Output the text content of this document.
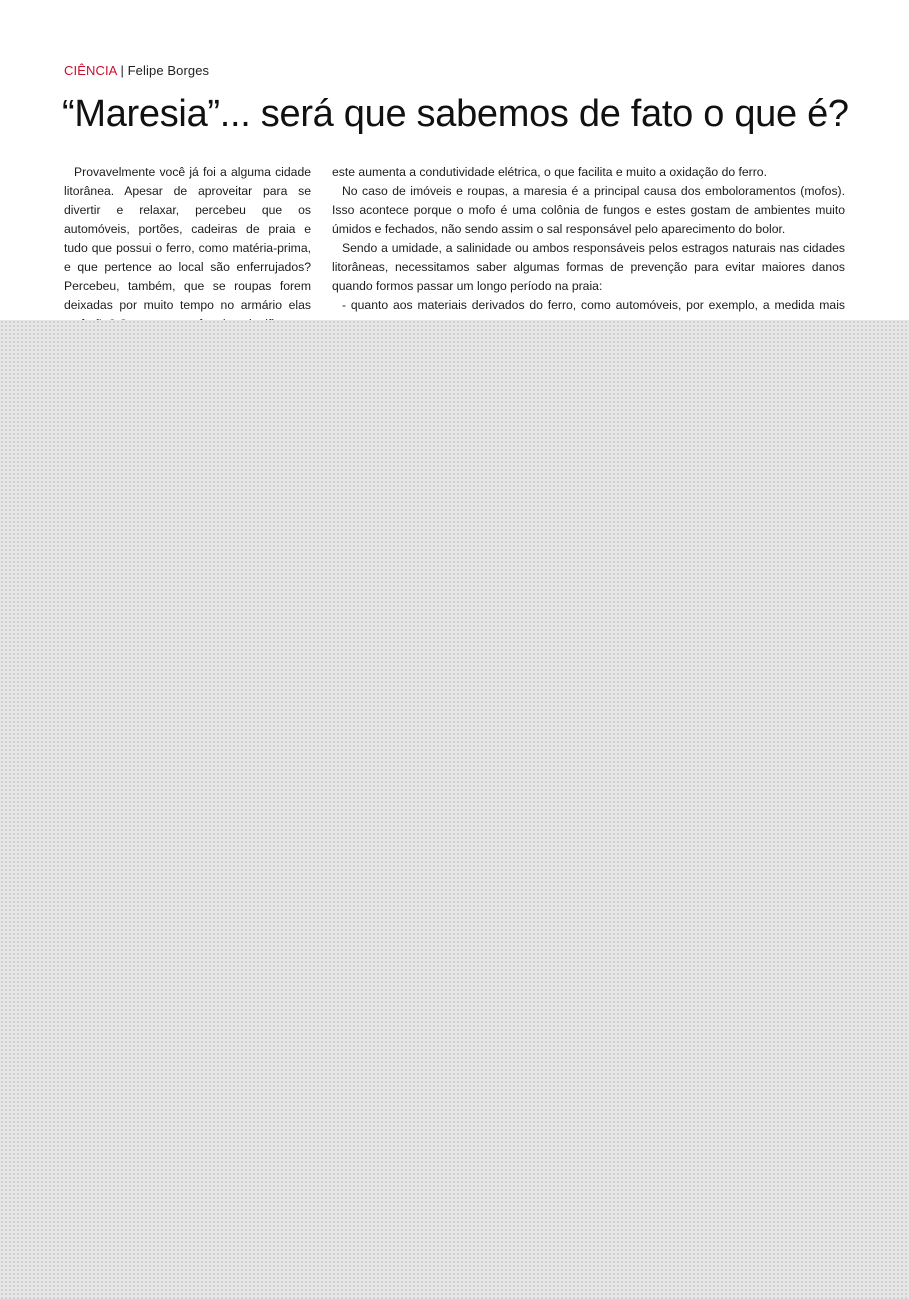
CIÊNCIA | Felipe Borges
“Maresia”... será que sabemos de fato o que é?

Provavelmente você já foi a alguma cidade litorânea. Apesar de aproveitar para se divertir e relaxar, percebeu que os automóveis, portões, cadeiras de praia e tudo que possui o ferro, como matéria-prima, e que pertence ao local são enferrujados? Percebeu, também, que se roupas forem deixadas por muito tempo no armário elas

este aumenta a condutividade elétrica, o que facilita e muito a oxidação do ferro.

No caso de imóveis e roupas, a maresia é a principal causa dos emboloramentos (mofos). Isso acontece porque o mofo é uma colônia de fungos e estes gostam de ambientes muito úmidos e fechados, não sendo assim o sal responsável pelo aparecimento do bolor.

Sendo a umidade, a salinidade ou ambos responsáveis pelos estragos naturais nas cidades litorâneas, necessitamos saber algumas formas de prevenção para evitar maiores danos quando formos passar um longo período na praia:

- quanto aos materiais derivados do ferro, como automóveis, por exemplo, a medida mais
